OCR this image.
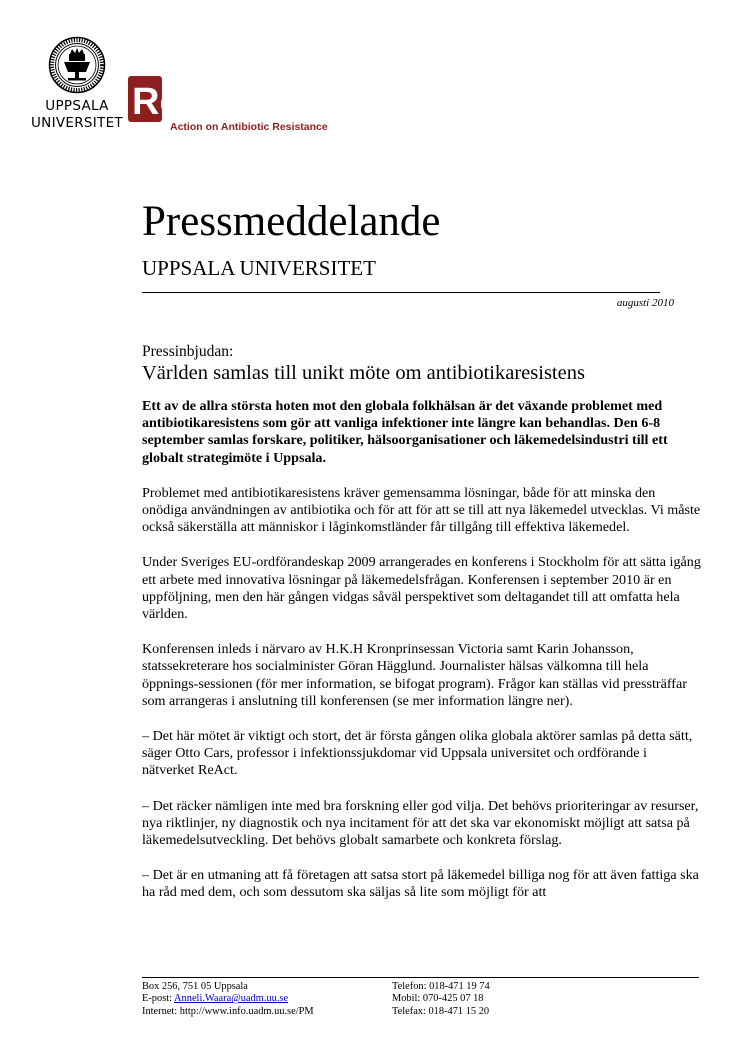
UPPSALA
UNIVERSITET ReAct
Action on Antibiotic Resistance
Pressmeddelande
UPPSALA UNIVERSITET
augusti 2010
Pressinbjudan:
Världen samlas till unikt möte om antibiotikaresistens

Ett av de allra största hoten mot den globala folkhälsan är det växande problemet med antibiotikaresistens som gör att vanliga infektioner inte längre kan behandlas. Den 6-8 september samlas forskare, politiker, hälsoorganisationer och läkemedelsindustri till ett globalt strategimöte i Uppsala.

Problemet med antibiotikaresistens kräver gemensamma lösningar, både för att minska den onödiga användningen av antibiotika och för att för att se till att nya läkemedel utvecklas. Vi måste också säkerställa att människor i låginkomstländer får tillgång till effektiva läkemedel.

Under Sveriges EU-ordförandeskap 2009 arrangerades en konferens i Stockholm för att sätta igång ett arbete med innovativa lösningar på läkemedelsfrågan. Konferensen i september 2010 är en uppföljning, men den här gången vidgas såväl perspektivet som deltagandet till att omfatta hela världen.

Konferensen inleds i närvaro av H.K.H Kronprinsessan Victoria samt Karin Johansson, statssekreterare hos socialminister Göran Hägglund. Journalister hälsas välkomna till hela öppnings-sessionen (för mer information, se bifogat program). Frågor kan ställas vid pressträffar som arrangeras i anslutning till konferensen (se mer information längre ner).

– Det här mötet är viktigt och stort, det är första gången olika globala aktörer samlas på detta sätt, säger Otto Cars, professor i infektionssjukdomar vid Uppsala universitet och ordförande i nätverket ReAct.

– Det räcker nämligen inte med bra forskning eller god vilja. Det behövs prioriteringar av resurser, nya riktlinjer, ny diagnostik och nya incitament för att det ska var ekonomiskt möjligt att satsa på läkemedelsutveckling. Det behövs globalt samarbete och konkreta förslag.

– Det är en utmaning att få företagen att satsa stort på läkemedel billiga nog för att även fattiga ska ha råd med dem, och som dessutom ska säljas så lite som möjligt för att

Box 256, 751 05 Uppsala
E-post: Anneli.Waara@uadm.uu.se
Internet: http://www.info.uadm.uu.se/PM
Telefon: 018-471 19 74
Mobil: 070-425 07 18
Telefax: 018-471 15 20
